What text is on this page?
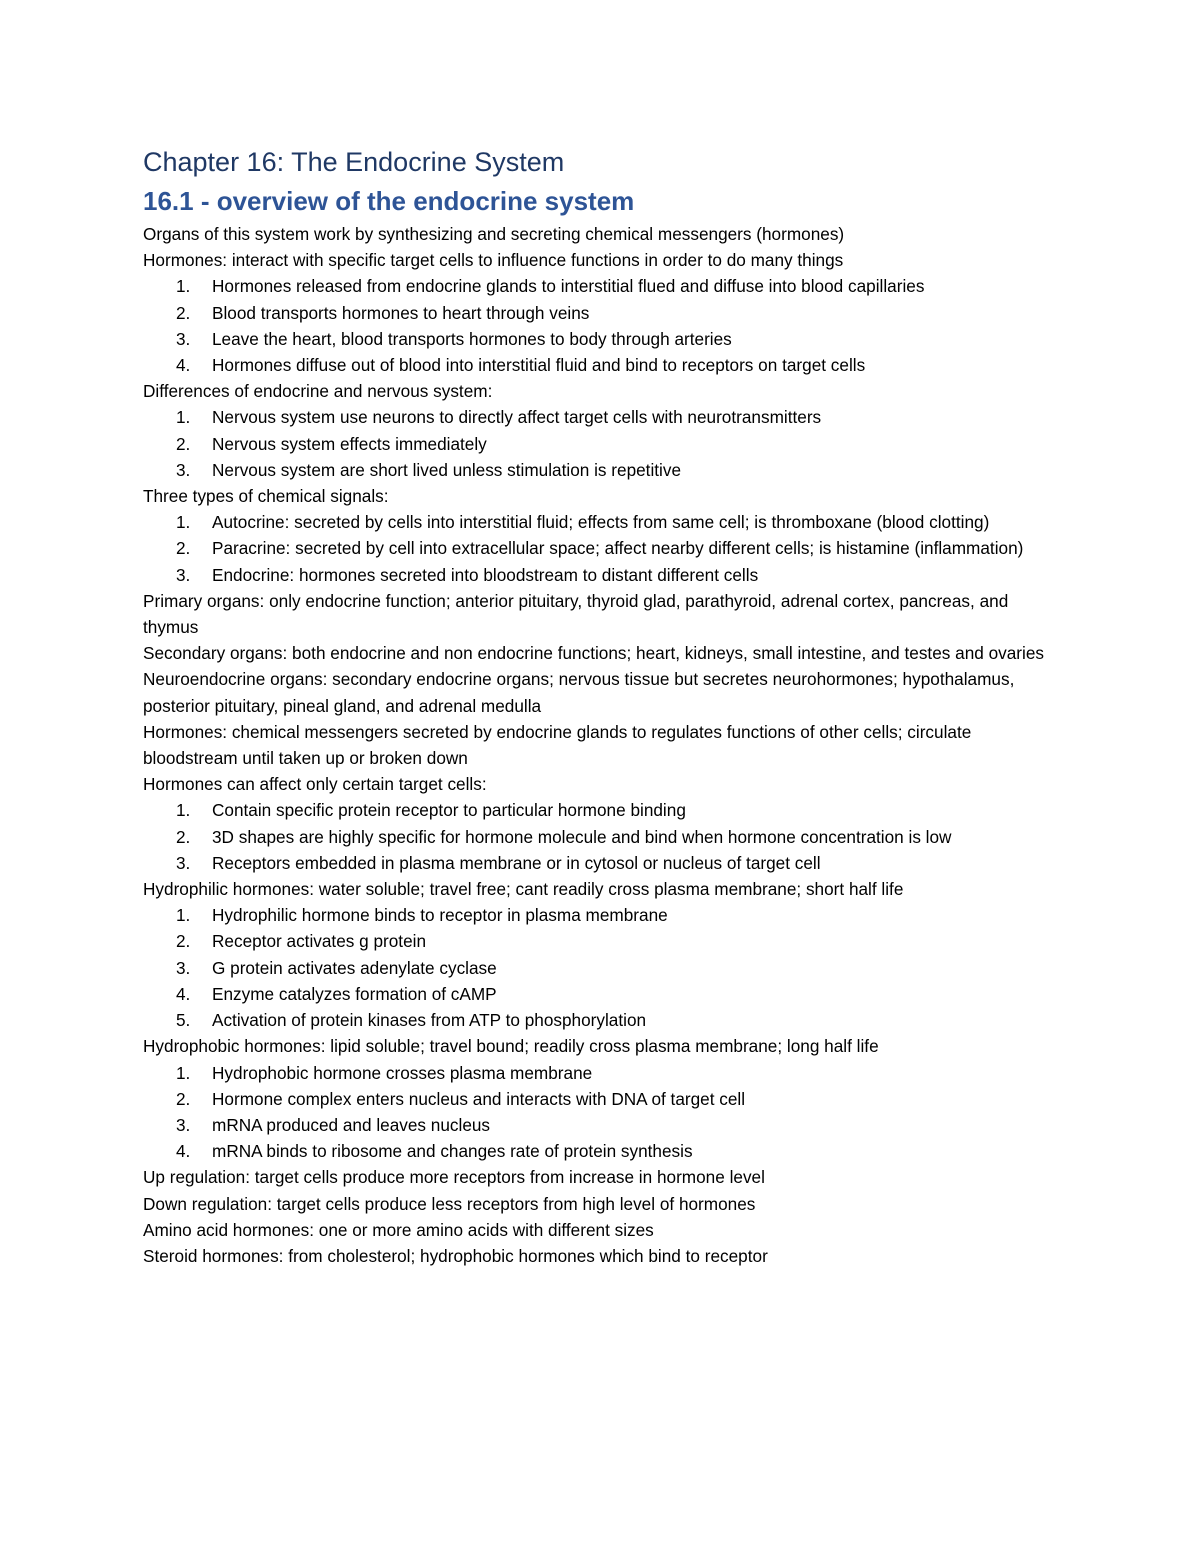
Chapter 16: The Endocrine System
16.1 - overview of the endocrine system

Organs of this system work by synthesizing and secreting chemical messengers (hormones)

Hormones: interact with specific target cells to influence functions in order to do many things

1. Hormones released from endocrine glands to interstitial flued and diffuse into blood capillaries
2. Blood transports hormones to heart through veins
3. Leave the heart, blood transports hormones to body through arteries
4. Hormones diffuse out of blood into interstitial fluid and bind to receptors on target cells

Differences of endocrine and nervous system:

1. Nervous system use neurons to directly affect target cells with neurotransmitters
2. Nervous system effects immediately
3. Nervous system are short lived unless stimulation is repetitive

Three types of chemical signals:

1. Autocrine: secreted by cells into interstitial fluid; effects from same cell; is thromboxane (blood clotting)
2. Paracrine: secreted by cell into extracellular space; affect nearby different cells; is histamine (inflammation)
3. Endocrine: hormones secreted into bloodstream to distant different cells

Primary organs: only endocrine function; anterior pituitary, thyroid glad, parathyroid, adrenal cortex, pancreas, and thymus

Secondary organs: both endocrine and non endocrine functions; heart, kidneys, small intestine, and testes and ovaries

Neuroendocrine organs: secondary endocrine organs; nervous tissue but secretes neurohormones; hypothalamus, posterior pituitary, pineal gland, and adrenal medulla

Hormones: chemical messengers secreted by endocrine glands to regulates functions of other cells; circulate bloodstream until taken up or broken down

Hormones can affect only certain target cells:

1. Contain specific protein receptor to particular hormone binding
2. 3D shapes are highly specific for hormone molecule and bind when hormone concentration is low
3. Receptors embedded in plasma membrane or in cytosol or nucleus of target cell

Hydrophilic hormones: water soluble; travel free; cant readily cross plasma membrane; short half life

1. Hydrophilic hormone binds to receptor in plasma membrane
2. Receptor activates g protein
3. G protein activates adenylate cyclase
4. Enzyme catalyzes formation of cAMP
5. Activation of protein kinases from ATP to phosphorylation

Hydrophobic hormones: lipid soluble; travel bound; readily cross plasma membrane; long half life

1. Hydrophobic hormone crosses plasma membrane
2. Hormone complex enters nucleus and interacts with DNA of target cell
3. mRNA produced and leaves nucleus
4. mRNA binds to ribosome and changes rate of protein synthesis

Up regulation: target cells produce more receptors from increase in hormone level

Down regulation: target cells produce less receptors from high level of hormones

Amino acid hormones: one or more amino acids with different sizes

Steroid hormones: from cholesterol; hydrophobic hormones which bind to receptor
